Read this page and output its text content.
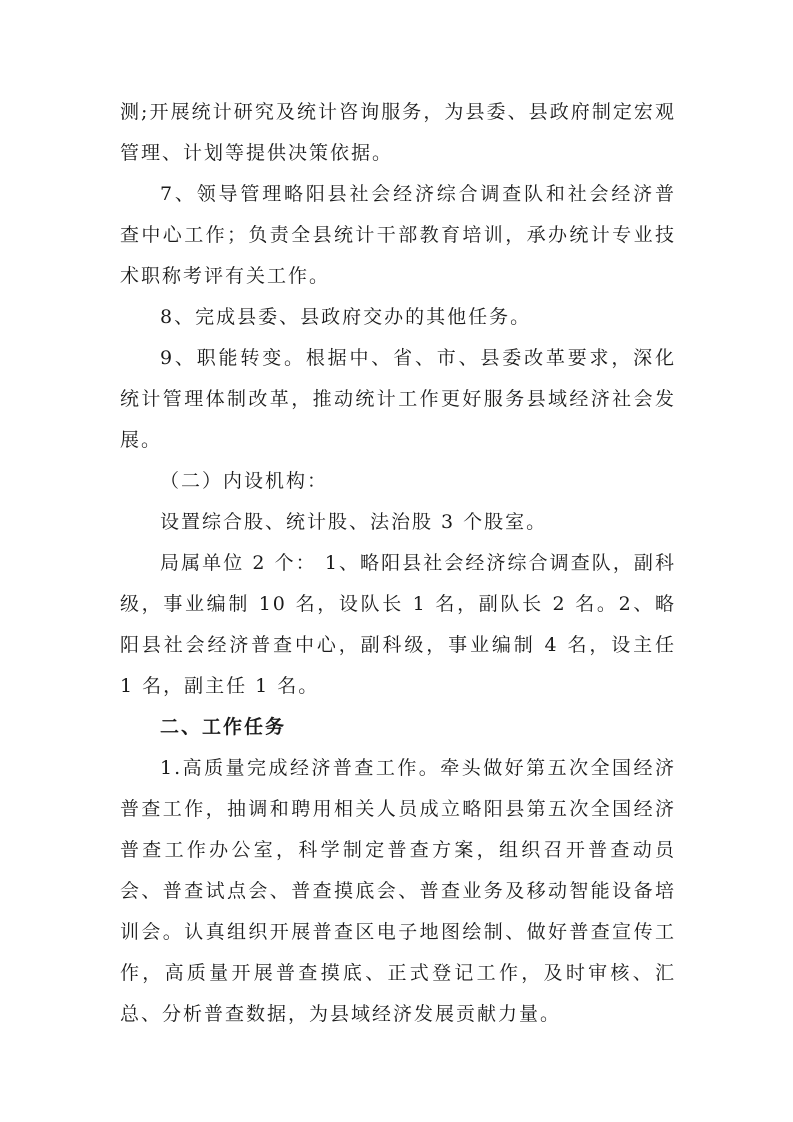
测;开展统计研究及统计咨询服务，为县委、县政府制定宏观管理、计划等提供决策依据。

7、领导管理略阳县社会经济综合调查队和社会经济普查中心工作；负责全县统计干部教育培训，承办统计专业技术职称考评有关工作。

8、完成县委、县政府交办的其他任务。

9、职能转变。根据中、省、市、县委改革要求，深化统计管理体制改革，推动统计工作更好服务县域经济社会发展。

（二）内设机构：

设置综合股、统计股、法治股 3 个股室。

局属单位 2 个： 1、略阳县社会经济综合调查队，副科级，事业编制 10 名，设队长 1 名，副队长 2 名。2、略阳县社会经济普查中心，副科级，事业编制 4 名，设主任 1 名，副主任 1 名。

二、工作任务

1.高质量完成经济普查工作。牵头做好第五次全国经济普查工作，抽调和聘用相关人员成立略阳县第五次全国经济普查工作办公室，科学制定普查方案，组织召开普查动员会、普查试点会、普查摸底会、普查业务及移动智能设备培训会。认真组织开展普查区电子地图绘制、做好普查宣传工作，高质量开展普查摸底、正式登记工作，及时审核、汇总、分析普查数据，为县域经济发展贡献力量。
